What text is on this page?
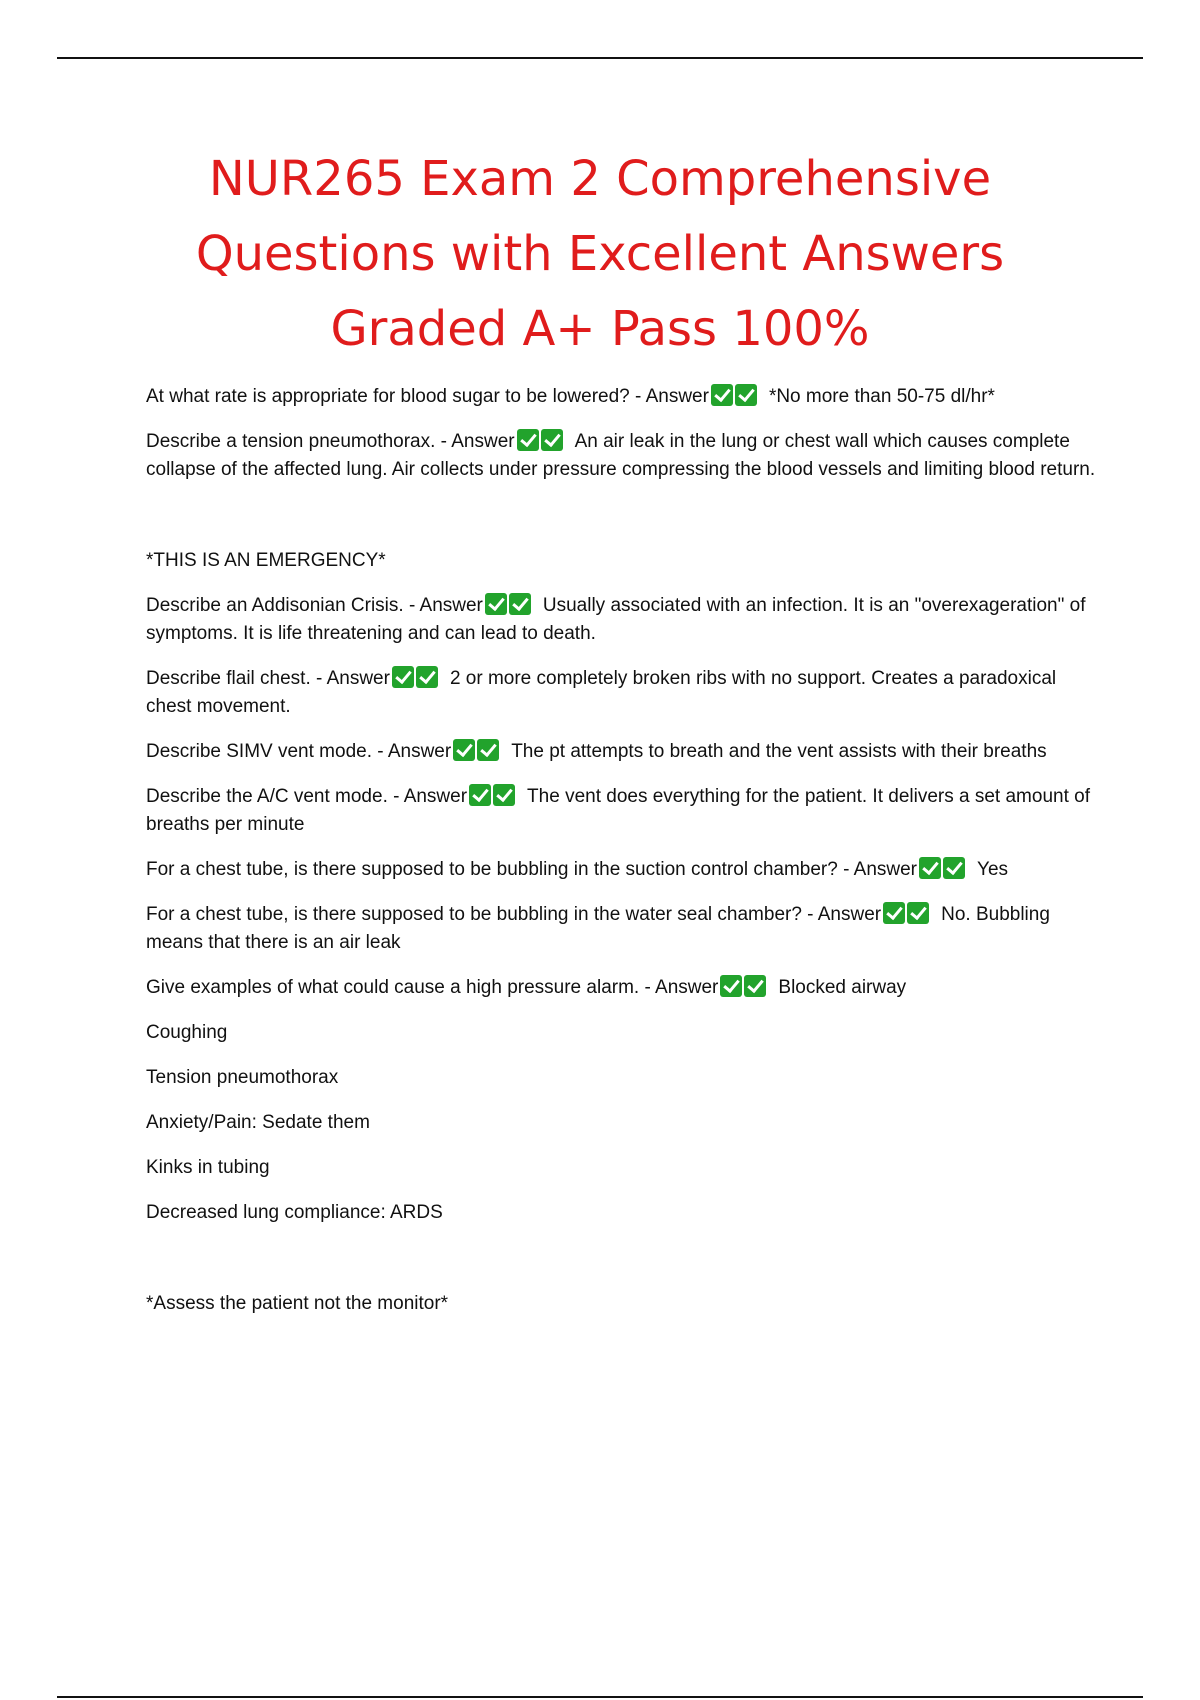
NUR265 Exam 2 Comprehensive
Questions with Excellent Answers
Graded A+ Pass 100%

At what rate is appropriate for blood sugar to be lowered? - Answer	*No more than 50-75 dl/hr*

Describe a tension pneumothorax. - Answer	An air leak in the lung or chest wall which causes complete collapse of the affected lung. Air collects under pressure compressing the blood vessels and limiting blood return.

*THIS IS AN EMERGENCY*

Describe an Addisonian Crisis. - Answer	Usually associated with an infection. It is an "overexageration" of symptoms. It is life threatening and can lead to death.

Describe flail chest. - Answer	2 or more completely broken ribs with no support. Creates a paradoxical chest movement.

Describe SIMV vent mode. - Answer	The pt attempts to breath and the vent assists with their breaths

Describe the A/C vent mode. - Answer	The vent does everything for the patient. It delivers a set amount of breaths per minute

For a chest tube, is there supposed to be bubbling in the suction control chamber? - Answer	Yes

For a chest tube, is there supposed to be bubbling in the water seal chamber? - Answer	No. Bubbling means that there is an air leak

Give examples of what could cause a high pressure alarm. - Answer	Blocked airway

Coughing

Tension pneumothorax

Anxiety/Pain: Sedate them

Kinks in tubing

Decreased lung compliance: ARDS

*Assess the patient not the monitor*
